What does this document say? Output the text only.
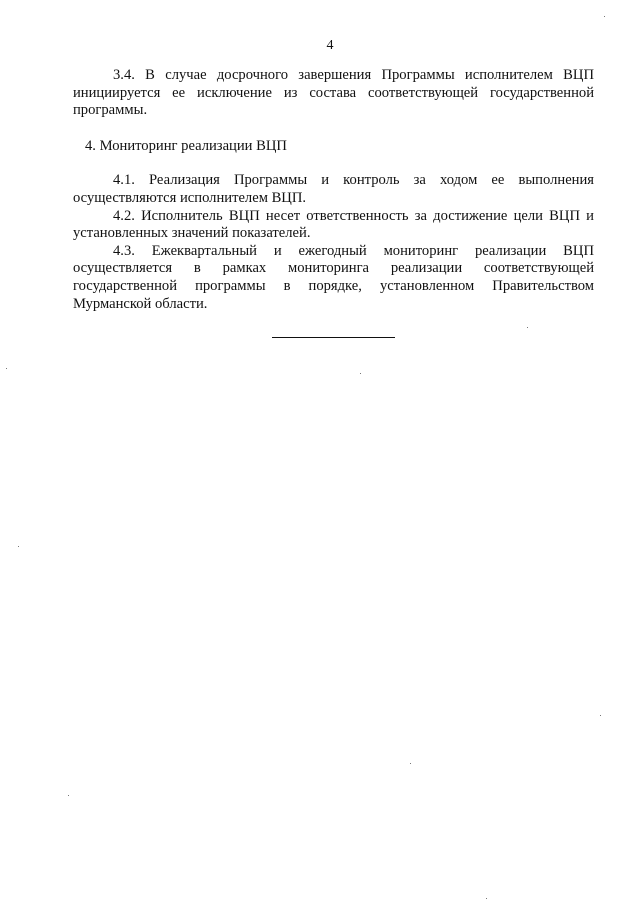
4

3.4. В случае досрочного завершения Программы исполнителем ВЦП инициируется ее исключение из состава соответствующей государственной программы.

4. Мониторинг реализации ВЦП

4.1. Реализация Программы и контроль за ходом ее выполнения осуществляются исполнителем ВЦП.

4.2. Исполнитель ВЦП несет ответственность за достижение цели ВЦП и установленных значений показателей.

4.3. Ежеквартальный и ежегодный мониторинг реализации ВЦП осуществляется в рамках мониторинга реализации соответствующей государственной программы в порядке, установленном Правительством Мурманской области.
